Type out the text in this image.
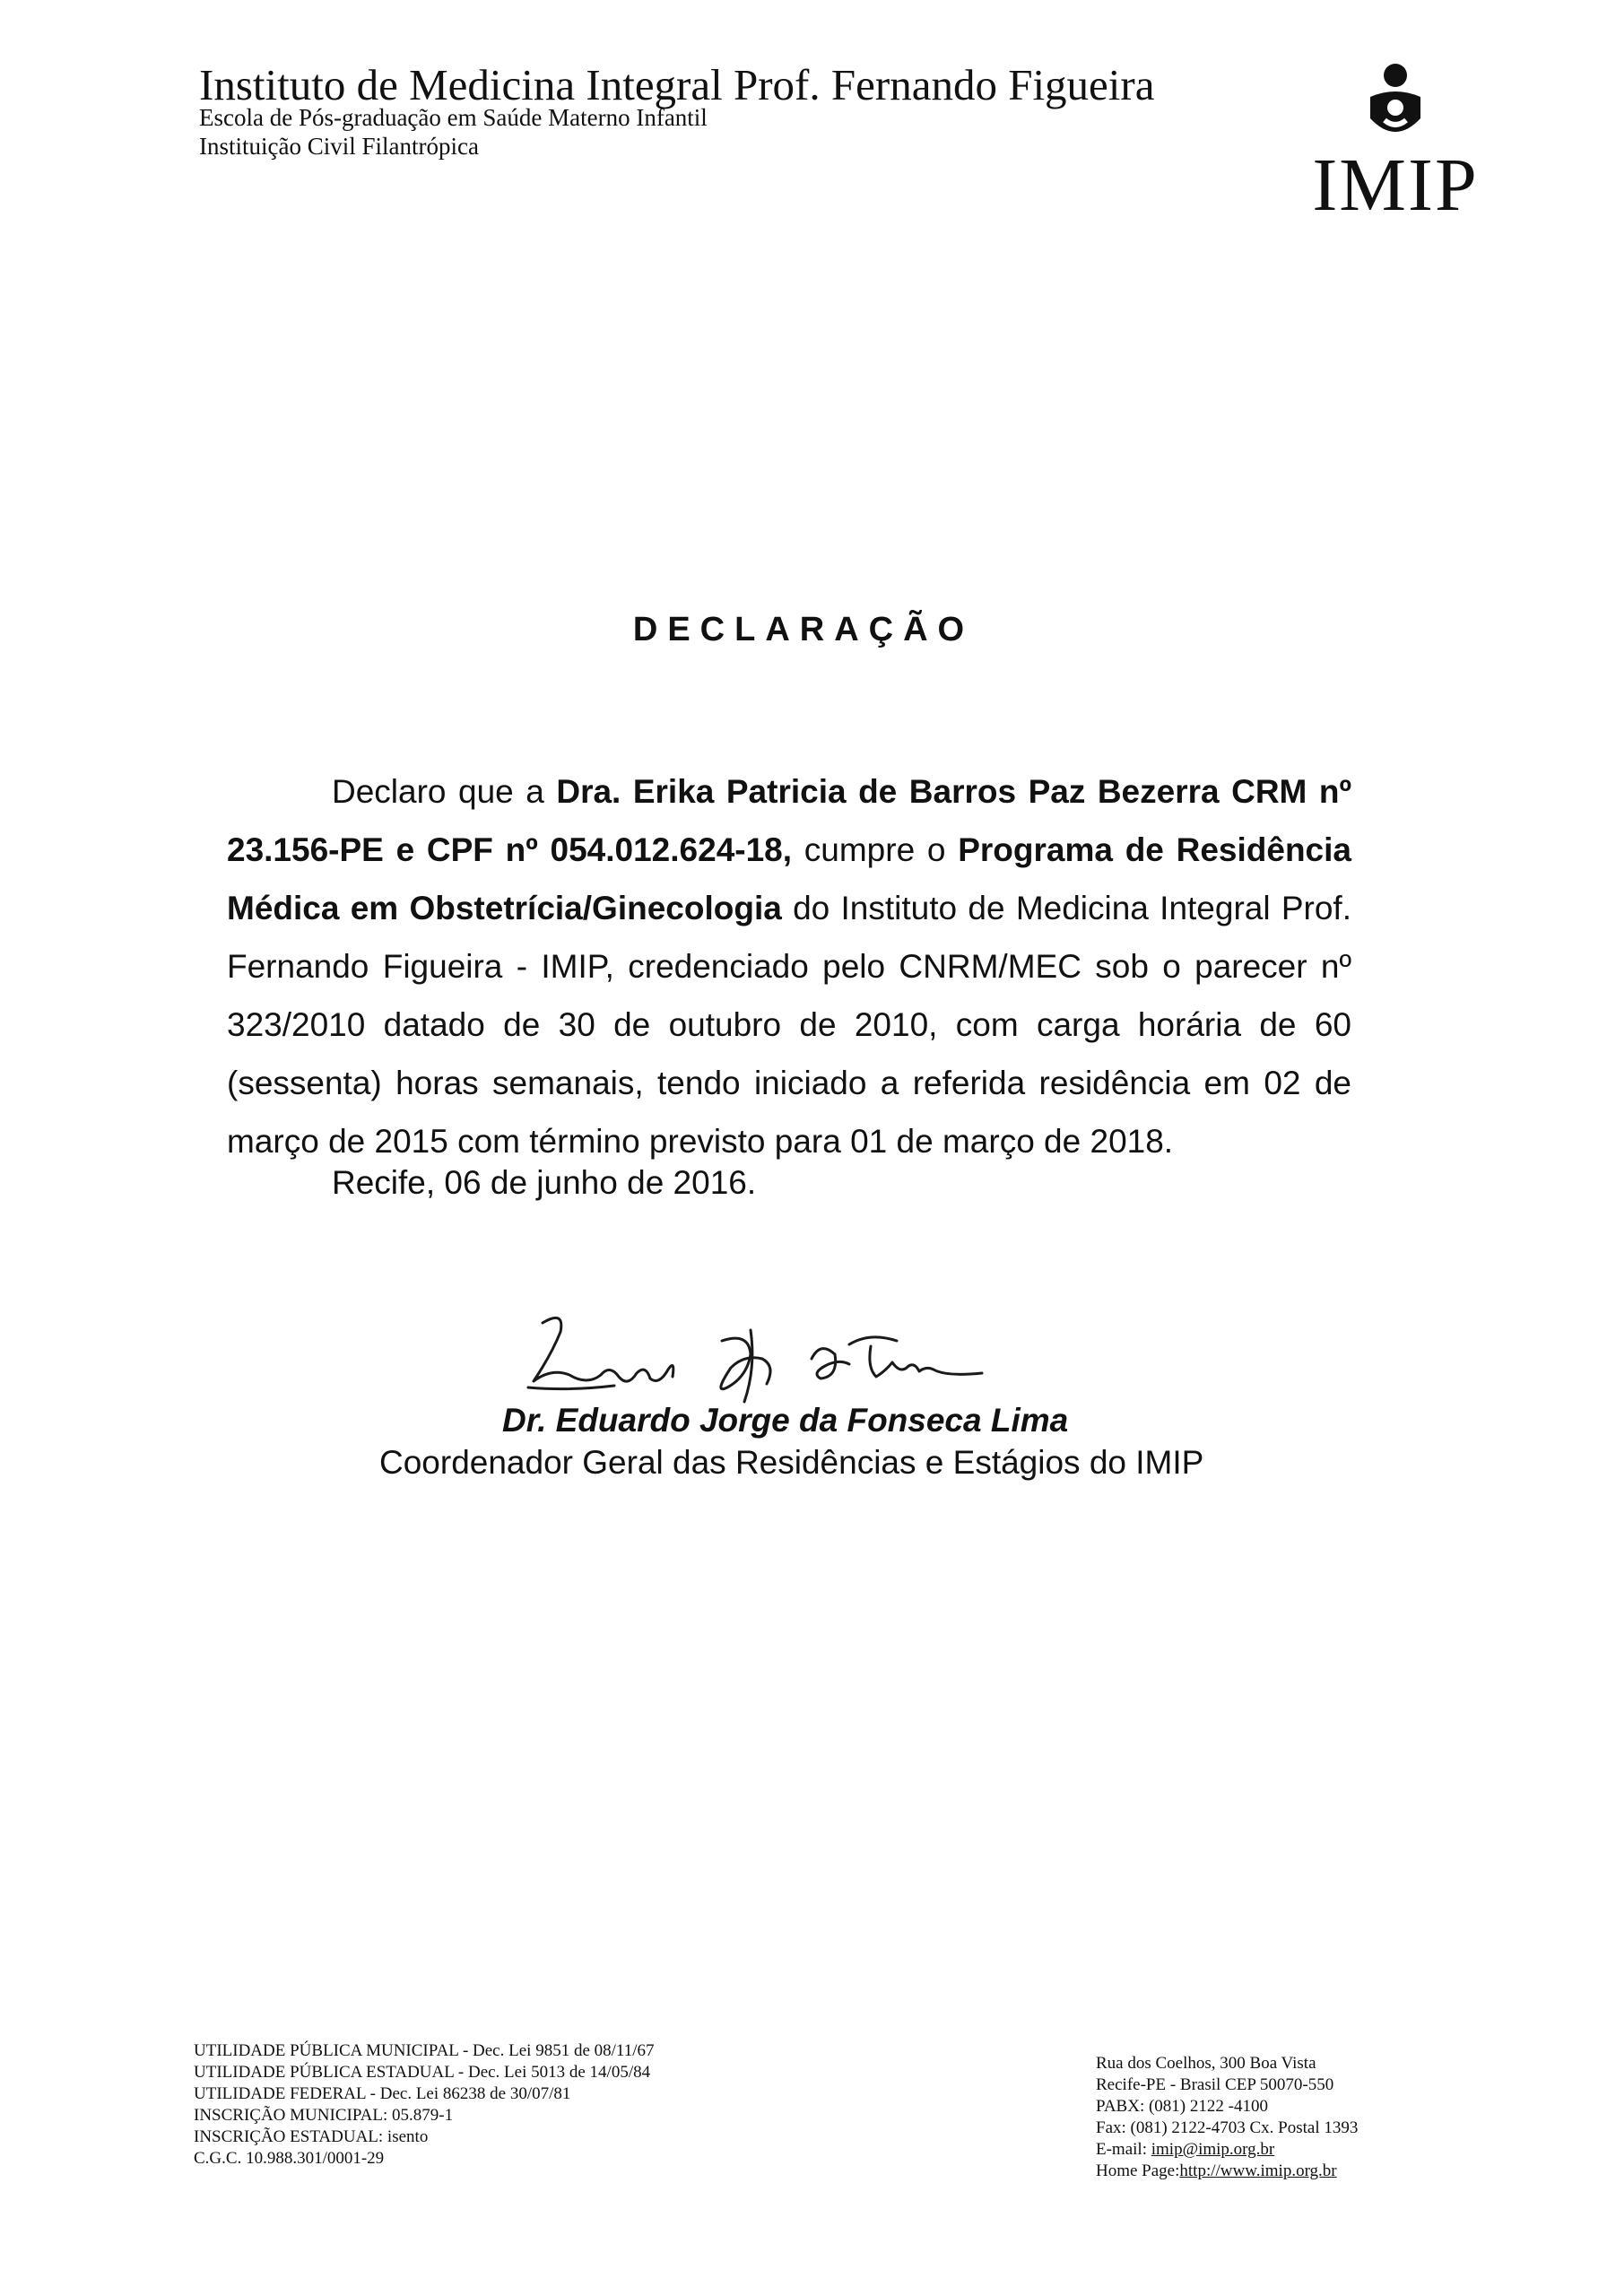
Instituto de Medicina Integral Prof. Fernando Figueira
Escola de Pós-graduação em Saúde Materno Infantil
Instituição Civil Filantrópica	IMIP
DECLARAÇÃO
Declaro que a Dra. Erika Patricia de Barros Paz Bezerra CRM nº 23.156-PE e CPF nº 054.012.624-18, cumpre o Programa de Residência Médica em Obstetrícia/Ginecologia do Instituto de Medicina Integral Prof. Fernando Figueira - IMIP, credenciado pelo CNRM/MEC sob o parecer nº 323/2010 datado de 30 de outubro de 2010, com carga horária de 60 (sessenta) horas semanais, tendo iniciado a referida residência em 02 de março de 2015 com término previsto para 01 de março de 2018.
Recife, 06 de junho de 2016.
Dr. Eduardo Jorge da Fonseca Lima
Coordenador Geral das Residências e Estágios do IMIP
UTILIDADE PÚBLICA MUNICIPAL - Dec. Lei 9851 de 08/11/67
UTILIDADE PÚBLICA ESTADUAL - Dec. Lei 5013 de 14/05/84
UTILIDADE FEDERAL - Dec. Lei 86238 de 30/07/81
INSCRIÇÃO MUNICIPAL: 05.879-1
INSCRIÇÃO ESTADUAL: isento
C.G.C. 10.988.301/0001-29
Rua dos Coelhos, 300 Boa Vista
Recife-PE - Brasil CEP 50070-550
PABX: (081) 2122 -4100
Fax: (081) 2122-4703 Cx. Postal 1393
E-mail: imip@imip.org.br
Home Page:http://www.imip.org.br
